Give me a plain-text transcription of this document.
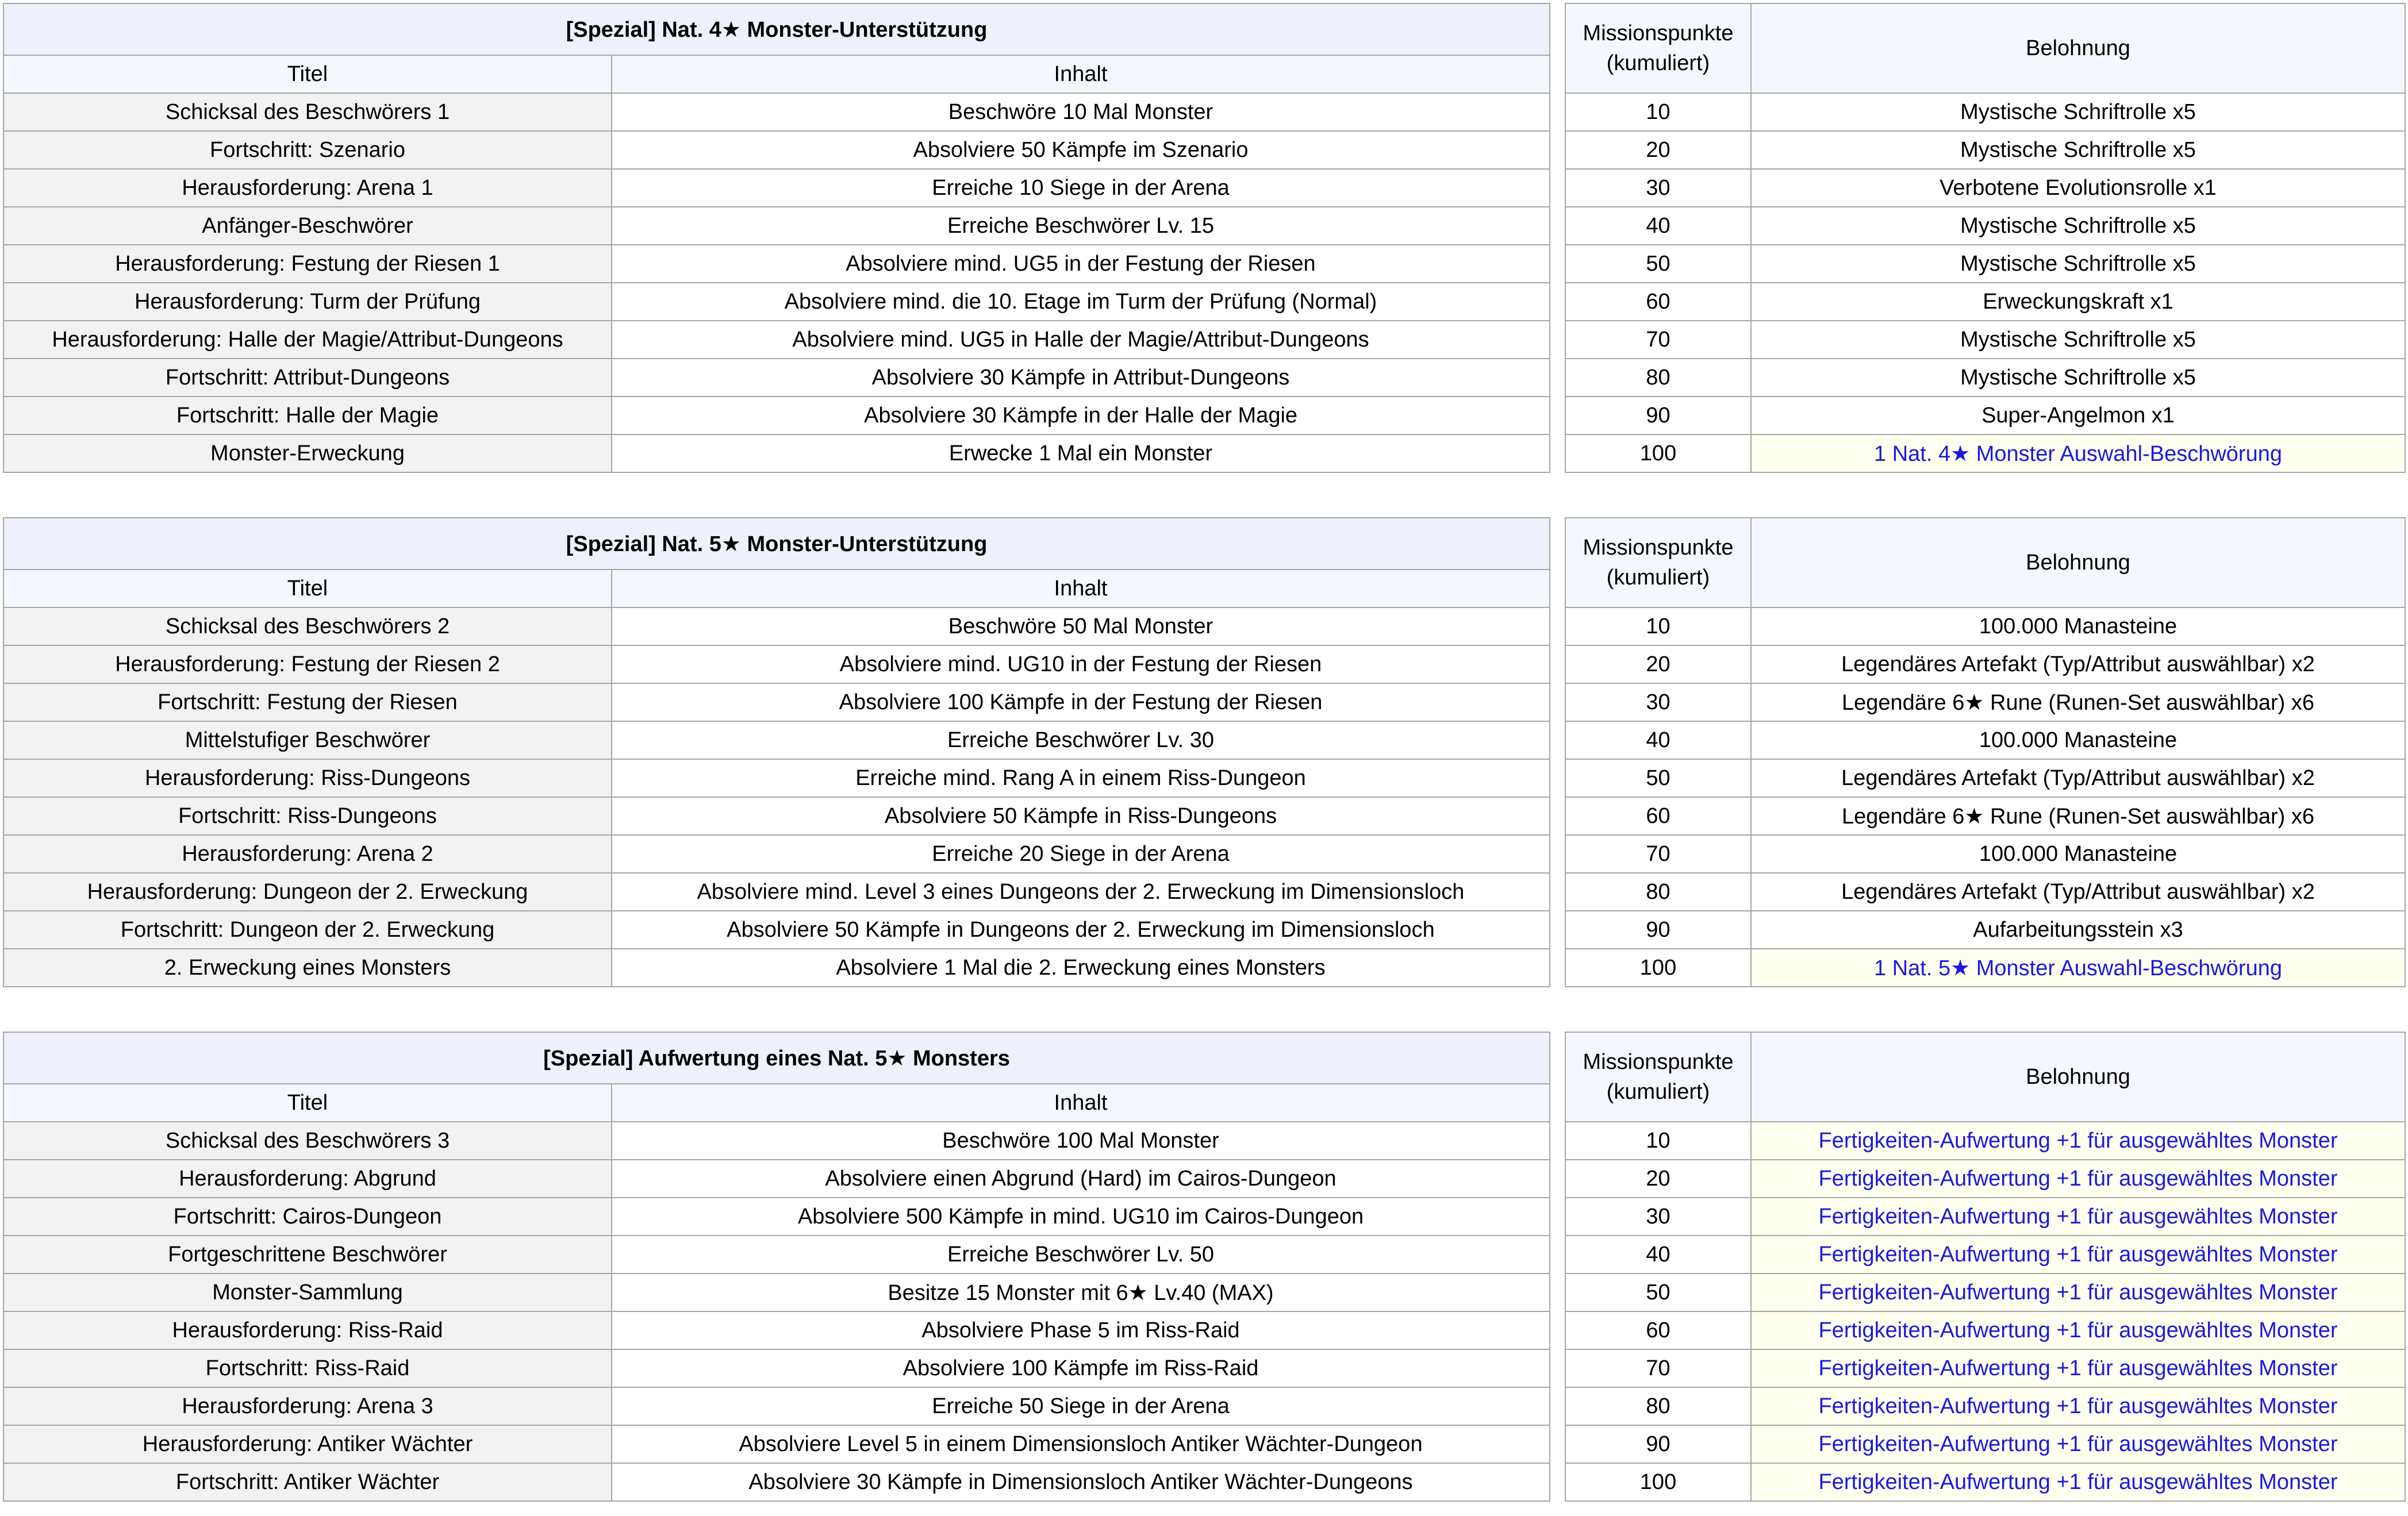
[Spezial] Nat. 4★ Monster-Unterstützung	
Titel	Inhalt
Schicksal des Beschwörers 1	Beschwöre 10 Mal Monster
Fortschritt: Szenario	Absolviere 50 Kämpfe im Szenario
Herausforderung: Arena 1	Erreiche 10 Siege in der Arena
Anfänger-Beschwörer	Erreiche Beschwörer Lv. 15
Herausforderung: Festung der Riesen 1	Absolviere mind. UG5 in der Festung der Riesen
Herausforderung: Turm der Prüfung	Absolviere mind. die 10. Etage im Turm der Prüfung (Normal)
Herausforderung: Halle der Magie/Attribut-Dungeons	Absolviere mind. UG5 in Halle der Magie/Attribut-Dungeons
Fortschritt: Attribut-Dungeons	Absolviere 30 Kämpfe in Attribut-Dungeons
Fortschritt: Halle der Magie	Absolviere 30 Kämpfe in der Halle der Magie
Monster-Erweckung	Erwecke 1 Mal ein Monster
Missionspunkte
(kumuliert)	Belohnung
10	Mystische Schriftrolle x5
20	Mystische Schriftrolle x5
30	Verbotene Evolutionsrolle x1
40	Mystische Schriftrolle x5
50	Mystische Schriftrolle x5
60	Erweckungskraft x1
70	Mystische Schriftrolle x5
80	Mystische Schriftrolle x5
90	Super-Angelmon x1
100	1 Nat. 4★ Monster Auswahl-Beschwörung
[Spezial] Nat. 5★ Monster-Unterstützung	
Titel	Inhalt
Schicksal des Beschwörers 2	Beschwöre 50 Mal Monster
Herausforderung: Festung der Riesen 2	Absolviere mind. UG10 in der Festung der Riesen
Fortschritt: Festung der Riesen	Absolviere 100 Kämpfe in der Festung der Riesen
Mittelstufiger Beschwörer	Erreiche Beschwörer Lv. 30
Herausforderung: Riss-Dungeons	Erreiche mind. Rang A in einem Riss-Dungeon
Fortschritt: Riss-Dungeons	Absolviere 50 Kämpfe in Riss-Dungeons
Herausforderung: Arena 2	Erreiche 20 Siege in der Arena
Herausforderung: Dungeon der 2. Erweckung	Absolviere mind. Level 3 eines Dungeons der 2. Erweckung im Dimensionsloch
Fortschritt: Dungeon der 2. Erweckung	Absolviere 50 Kämpfe in Dungeons der 2. Erweckung im Dimensionsloch
2. Erweckung eines Monsters	Absolviere 1 Mal die 2. Erweckung eines Monsters
Missionspunkte
(kumuliert)	Belohnung
10	100.000 Manasteine
20	Legendäres Artefakt (Typ/Attribut auswählbar) x2
30	Legendäre 6★ Rune (Runen-Set auswählbar) x6
40	100.000 Manasteine
50	Legendäres Artefakt (Typ/Attribut auswählbar) x2
60	Legendäre 6★ Rune (Runen-Set auswählbar) x6
70	100.000 Manasteine
80	Legendäres Artefakt (Typ/Attribut auswählbar) x2
90	Aufarbeitungsstein x3
100	1 Nat. 5★ Monster Auswahl-Beschwörung
[Spezial] Aufwertung eines Nat. 5★ Monsters	
Titel	Inhalt
Schicksal des Beschwörers 3	Beschwöre 100 Mal Monster
Herausforderung: Abgrund	Absolviere einen Abgrund (Hard) im Cairos-Dungeon
Fortschritt: Cairos-Dungeon	Absolviere 500 Kämpfe in mind. UG10 im Cairos-Dungeon
Fortgeschrittene Beschwörer	Erreiche Beschwörer Lv. 50
Monster-Sammlung	Besitze 15 Monster mit 6★ Lv.40 (MAX)
Herausforderung: Riss-Raid	Absolviere Phase 5 im Riss-Raid
Fortschritt: Riss-Raid	Absolviere 100 Kämpfe im Riss-Raid
Herausforderung: Arena 3	Erreiche 50 Siege in der Arena
Herausforderung: Antiker Wächter	Absolviere Level 5 in einem Dimensionsloch Antiker Wächter-Dungeon
Fortschritt: Antiker Wächter	Absolviere 30 Kämpfe in Dimensionsloch Antiker Wächter-Dungeons
Missionspunkte
(kumuliert)	Belohnung
10	Fertigkeiten-Aufwertung +1 für ausgewähltes Monster
20	Fertigkeiten-Aufwertung +1 für ausgewähltes Monster
30	Fertigkeiten-Aufwertung +1 für ausgewähltes Monster
40	Fertigkeiten-Aufwertung +1 für ausgewähltes Monster
50	Fertigkeiten-Aufwertung +1 für ausgewähltes Monster
60	Fertigkeiten-Aufwertung +1 für ausgewähltes Monster
70	Fertigkeiten-Aufwertung +1 für ausgewähltes Monster
80	Fertigkeiten-Aufwertung +1 für ausgewähltes Monster
90	Fertigkeiten-Aufwertung +1 für ausgewähltes Monster
100	Fertigkeiten-Aufwertung +1 für ausgewähltes Monster
